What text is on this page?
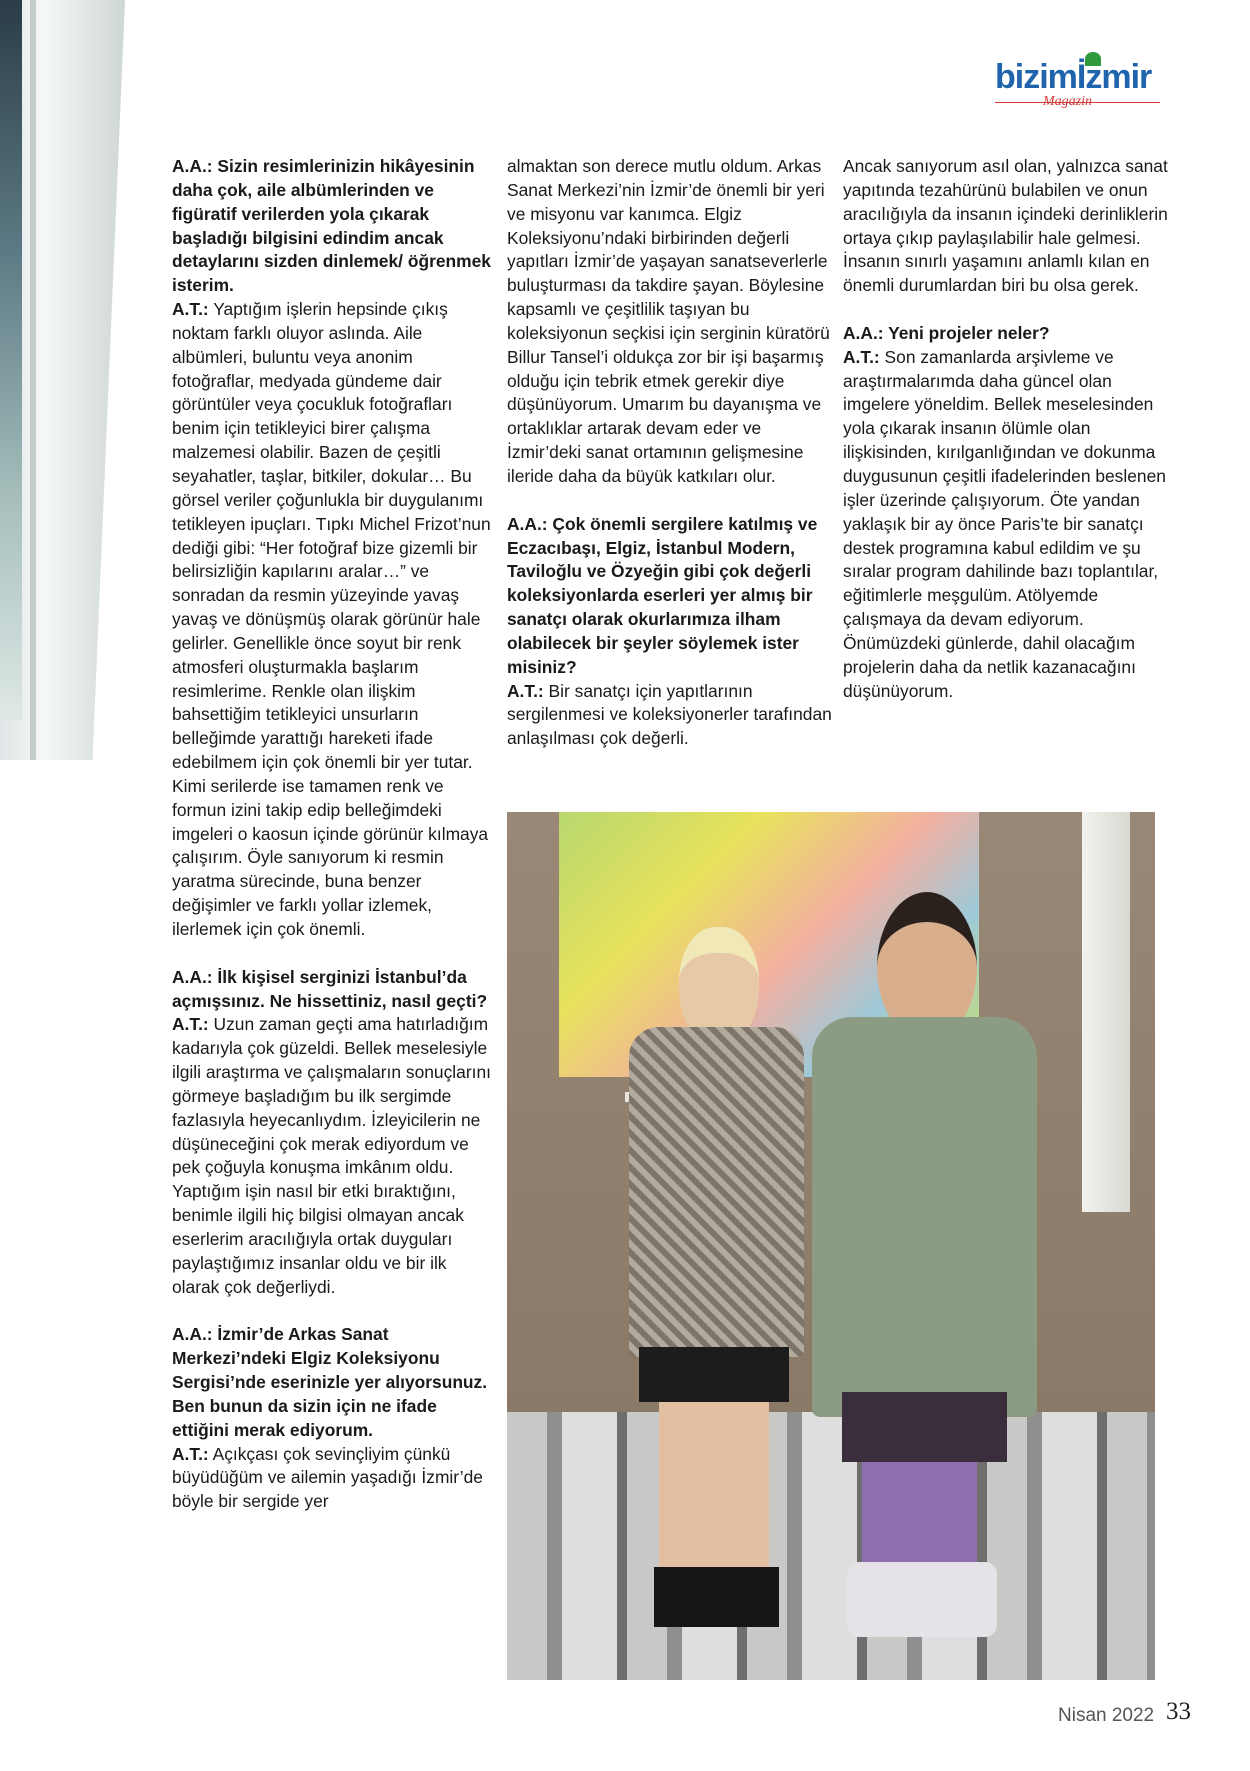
bizimİzmir
Magazin

A.A.: Sizin resimlerinizin hikâyesinin daha çok, aile albümlerinden ve figüratif verilerden yola çıkarak başladığı bilgisini edindim ancak detaylarını sizden dinlemek/ öğrenmek isterim.

A.T.: Yaptığım işlerin hepsinde çıkış noktam farklı oluyor aslında. Aile albümleri, buluntu veya anonim fotoğraflar, medyada gündeme dair görüntüler veya çocukluk fotoğrafları benim için tetikleyici birer çalışma malzemesi olabilir. Bazen de çeşitli seyahatler, taşlar, bitkiler, dokular… Bu görsel veriler çoğunlukla bir duygulanımı tetikleyen ipuçları. Tıpkı Michel Frizot’nun dediği gibi: “Her fotoğraf bize gizemli bir belirsizliğin kapılarını aralar…” ve sonradan da resmin yüzeyinde yavaş yavaş ve dönüşmüş olarak görünür hale gelirler. Genellikle önce soyut bir renk atmosferi oluşturmakla başlarım resimlerime. Renkle olan ilişkim bahsettiğim tetikleyici unsurların belleğimde yarattığı hareketi ifade edebilmem için çok önemli bir yer tutar. Kimi serilerde ise tamamen renk ve formun izini takip edip belleğimdeki imgeleri o kaosun içinde görünür kılmaya çalışırım. Öyle sanıyorum ki resmin yaratma sürecinde, buna benzer değişimler ve farklı yollar izlemek, ilerlemek için çok önemli.

A.A.: İlk kişisel serginizi İstanbul’da açmışsınız. Ne hissettiniz, nasıl geçti?

A.T.: Uzun zaman geçti ama hatırladığım kadarıyla çok güzeldi. Bellek meselesiyle ilgili araştırma ve çalışmaların sonuçlarını görmeye başladığım bu ilk sergimde fazlasıyla heyecanlıydım. İzleyicilerin ne düşüneceğini çok merak ediyordum ve pek çoğuyla konuşma imkânım oldu. Yaptığım işin nasıl bir etki bıraktığını, benimle ilgili hiç bilgisi olmayan ancak eserlerim aracılığıyla ortak duyguları paylaştığımız insanlar oldu ve bir ilk olarak çok değerliydi.

A.A.: İzmir’de Arkas Sanat Merkezi’ndeki Elgiz Koleksiyonu Sergisi’nde eserinizle yer alıyorsunuz. Ben bunun da sizin için ne ifade ettiğini merak ediyorum.

A.T.: Açıkçası çok sevinçliyim çünkü büyüdüğüm ve ailemin yaşadığı İzmir’de böyle bir sergide yer

almaktan son derece mutlu oldum. Arkas Sanat Merkezi’nin İzmir’de önemli bir yeri ve misyonu var kanımca. Elgiz Koleksiyonu’ndaki birbirinden değerli yapıtları İzmir’de yaşayan sanatseverlerle buluşturması da takdire şayan. Böylesine kapsamlı ve çeşitlilik taşıyan bu koleksiyonun seçkisi için serginin küratörü Billur Tansel’i oldukça zor bir işi başarmış olduğu için tebrik etmek gerekir diye düşünüyorum. Umarım bu dayanışma ve ortaklıklar artarak devam eder ve İzmir’deki sanat ortamının gelişmesine ileride daha da büyük katkıları olur.

A.A.: Çok önemli sergilere katılmış ve Eczacıbaşı, Elgiz, İstanbul Modern, Taviloğlu ve Özyeğin gibi çok değerli koleksiyonlarda eserleri yer almış bir sanatçı olarak okurlarımıza ilham olabilecek bir şeyler söylemek ister misiniz?

A.T.: Bir sanatçı için yapıtlarının sergilenmesi ve koleksiyonerler tarafından anlaşılması çok değerli.

Ancak sanıyorum asıl olan, yalnızca sanat yapıtında tezahürünü bulabilen ve onun aracılığıyla da insanın içindeki derinliklerin ortaya çıkıp paylaşılabilir hale gelmesi. İnsanın sınırlı yaşamını anlamlı kılan en önemli durumlardan biri bu olsa gerek.

A.A.: Yeni projeler neler?

A.T.: Son zamanlarda arşivleme ve araştırmalarımda daha güncel olan imgelere yöneldim. Bellek meselesinden yola çıkarak insanın ölümle olan ilişkisinden, kırılganlığından ve dokunma duygusunun çeşitli ifadelerinden beslenen işler üzerinde çalışıyorum. Öte yandan yaklaşık bir ay önce Paris’te bir sanatçı destek programına kabul edildim ve şu sıralar program dahilinde bazı toplantılar, eğitimlerle meşgulüm. Atölyemde çalışmaya da devam ediyorum. Önümüzdeki günlerde, dahil olacağım projelerin daha da netlik kazanacağını düşünüyorum.

Nisan 2022 33
